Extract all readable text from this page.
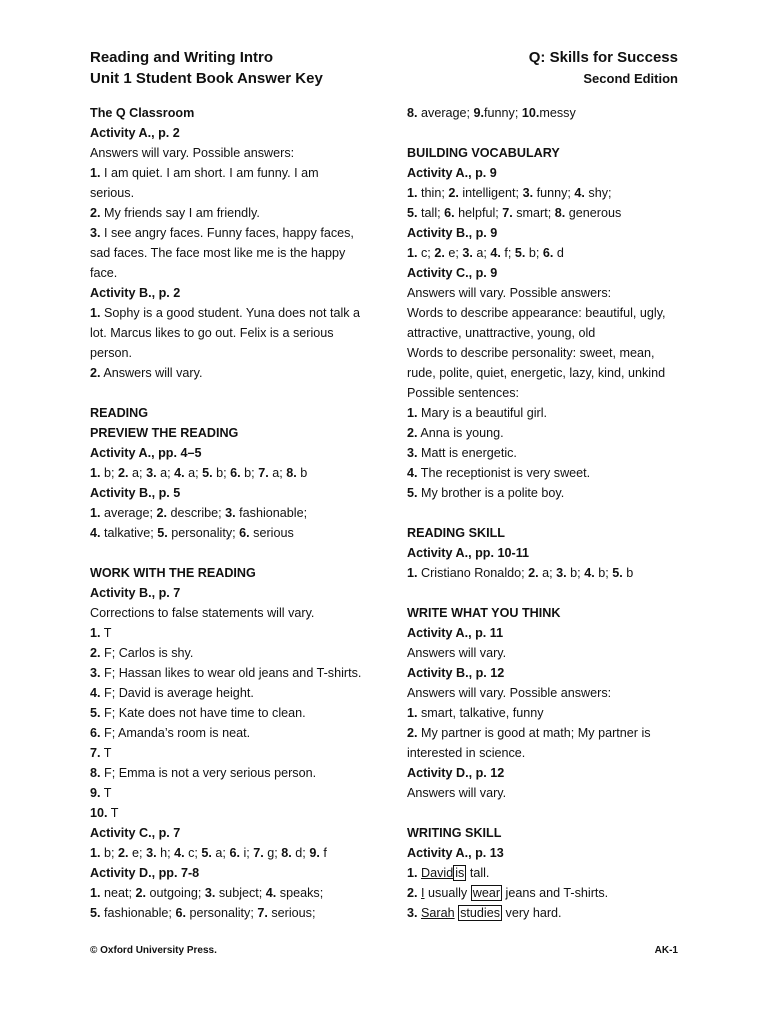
Reading and Writing Intro
Unit 1 Student Book Answer Key
Q: Skills for Success
Second Edition
The Q Classroom
Activity A., p. 2
Answers will vary. Possible answers:
1. I am quiet. I am short. I am funny. I am
serious.
2. My friends say I am friendly.
3. I see angry faces. Funny faces, happy faces,
sad faces. The face most like me is the happy
face.
Activity B., p. 2
1. Sophy is a good student. Yuna does not talk a
lot. Marcus likes to go out. Felix is a serious
person.
2. Answers will vary.
READING
PREVIEW THE READING
Activity A., pp. 4–5
1. b; 2. a; 3. a; 4. a; 5. b; 6. b; 7. a; 8. b
Activity B., p. 5
1. average; 2. describe; 3. fashionable;
4. talkative; 5. personality; 6. serious
WORK WITH THE READING
Activity B., p. 7
Corrections to false statements will vary.
1. T
2. F; Carlos is shy.
3. F; Hassan likes to wear old jeans and T-shirts.
4. F; David is average height.
5. F; Kate does not have time to clean.
6. F; Amanda’s room is neat.
7. T
8. F; Emma is not a very serious person.
9. T
10. T
Activity C., p. 7
1. b; 2. e; 3. h; 4. c; 5. a; 6. i; 7. g; 8. d; 9. f
Activity D., pp. 7-8
1. neat; 2. outgoing; 3. subject; 4. speaks;
5. fashionable; 6. personality; 7. serious;
8. average; 9.funny; 10.messy
BUILDING VOCABULARY
Activity A., p. 9
1. thin; 2. intelligent; 3. funny; 4. shy;
5. tall; 6. helpful; 7. smart; 8. generous
Activity B., p. 9
1. c; 2. e; 3. a; 4. f; 5. b; 6. d
Activity C., p. 9
Answers will vary. Possible answers:
Words to describe appearance: beautiful, ugly,
attractive, unattractive, young, old
Words to describe personality: sweet, mean,
rude, polite, quiet, energetic, lazy, kind, unkind
Possible sentences:
1. Mary is a beautiful girl.
2. Anna is young.
3. Matt is energetic.
4. The receptionist is very sweet.
5. My brother is a polite boy.
READING SKILL
Activity A., pp. 10-11
1. Cristiano Ronaldo; 2. a; 3. b; 4. b; 5. b
WRITE WHAT YOU THINK
Activity A., p. 11
Answers will vary.
Activity B., p. 12
Answers will vary. Possible answers:
1. smart, talkative, funny
2. My partner is good at math; My partner is
interested in science.
Activity D., p. 12
Answers will vary.
WRITING SKILL
Activity A., p. 13
1. David is tall.
2. I usually wear jeans and T-shirts.
3. Sarah studies very hard.
© Oxford University Press.	AK-1
